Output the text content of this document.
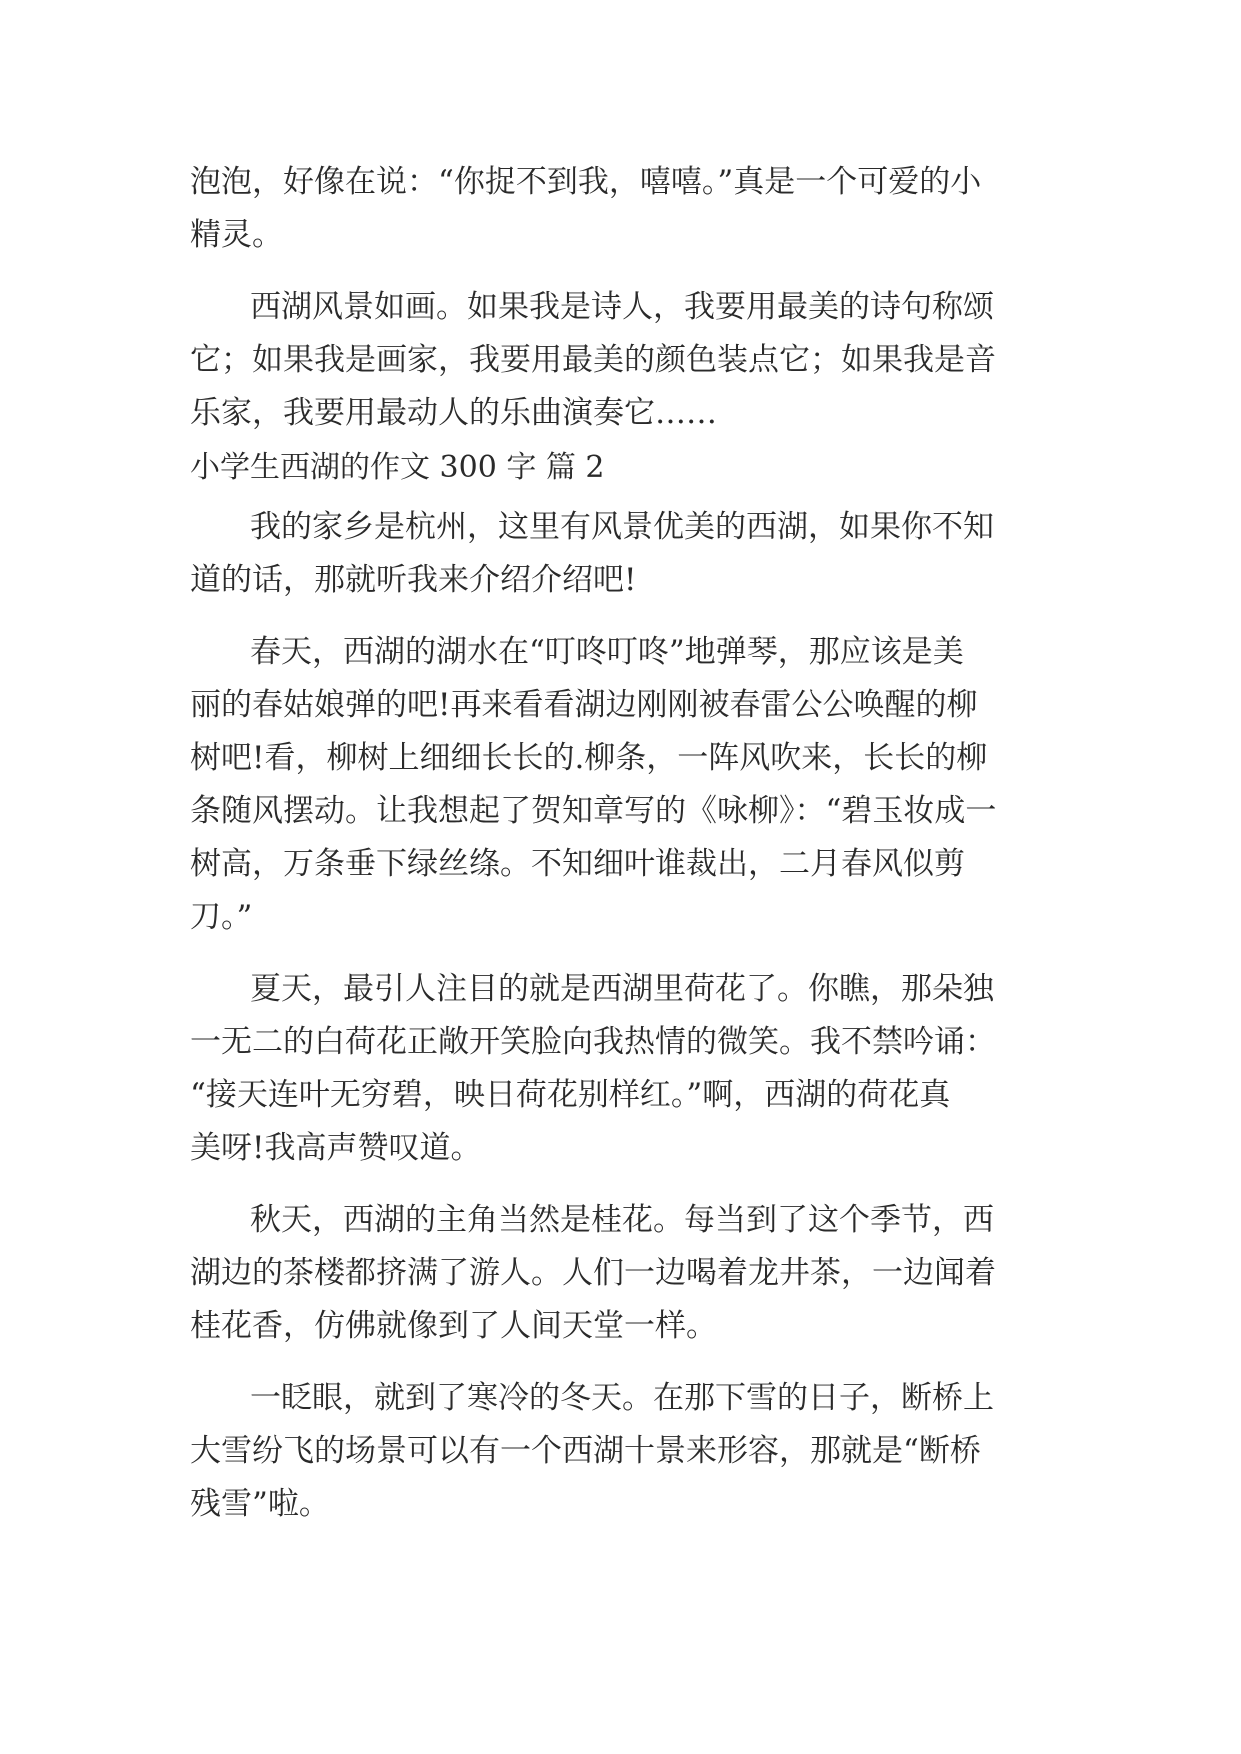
泡泡，好像在说：“你捉不到我，嘻嘻。”真是一个可爱的小
精灵。
西湖风景如画。如果我是诗人，我要用最美的诗句称颂
它；如果我是画家，我要用最美的颜色装点它；如果我是音
乐家，我要用最动人的乐曲演奏它……
小学生西湖的作文 300 字 篇 2
我的家乡是杭州，这里有风景优美的西湖，如果你不知
道的话，那就听我来介绍介绍吧!
春天，西湖的湖水在“叮咚叮咚”地弹琴，那应该是美
丽的春姑娘弹的吧!再来看看湖边刚刚被春雷公公唤醒的柳
树吧!看，柳树上细细长长的.柳条，一阵风吹来，长长的柳
条随风摆动。让我想起了贺知章写的《咏柳》：“碧玉妆成一
树高，万条垂下绿丝绦。不知细叶谁裁出，二月春风似剪
刀。”
夏天，最引人注目的就是西湖里荷花了。你瞧，那朵独
一无二的白荷花正敞开笑脸向我热情的微笑。我不禁吟诵：
“接天连叶无穷碧，映日荷花别样红。”啊，西湖的荷花真
美呀!我高声赞叹道。
秋天，西湖的主角当然是桂花。每当到了这个季节，西
湖边的茶楼都挤满了游人。人们一边喝着龙井茶，一边闻着
桂花香，仿佛就像到了人间天堂一样。
一眨眼，就到了寒冷的冬天。在那下雪的日子，断桥上
大雪纷飞的场景可以有一个西湖十景来形容，那就是“断桥
残雪”啦。
